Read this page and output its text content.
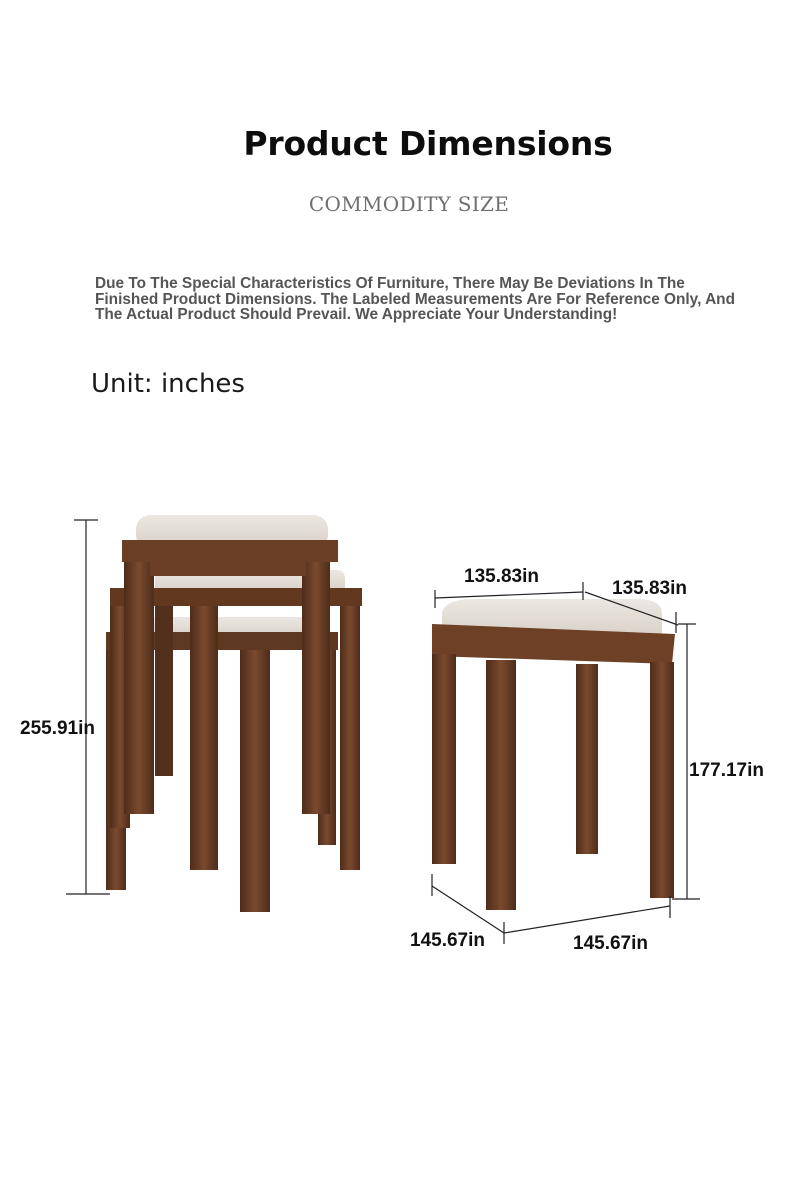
Product Dimensions
COMMODITY SIZE
Due To The Special Characteristics Of Furniture, There May Be Deviations In The Finished Product Dimensions. The Labeled Measurements Are For Reference Only, And The Actual Product Should Prevail. We Appreciate Your Understanding!
Unit: inches
255.91in
135.83in
135.83in
177.17in
145.67in	145.67in
